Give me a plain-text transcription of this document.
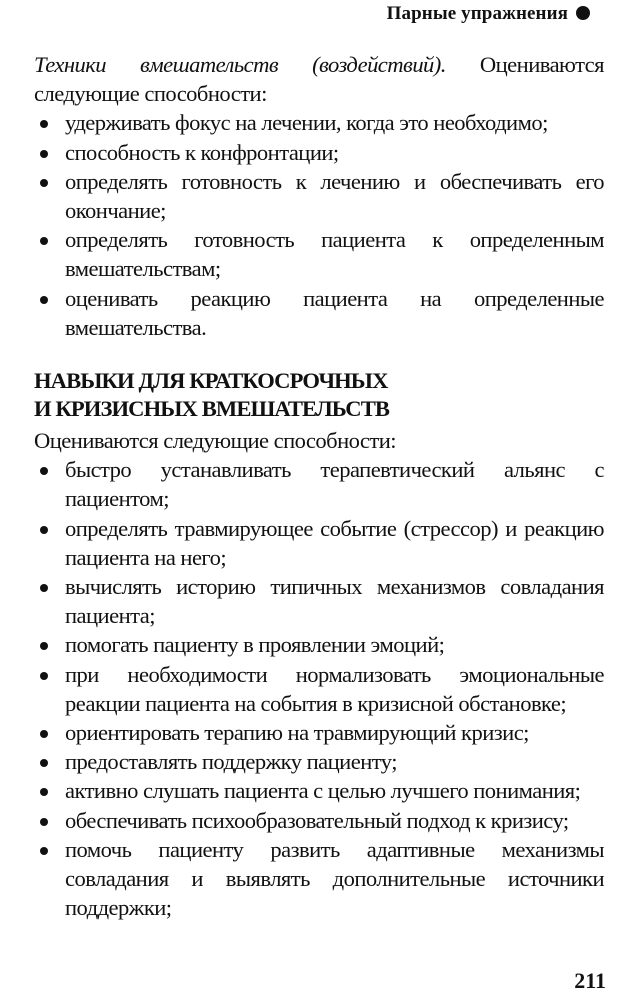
Парные упражнения

Техники вмешательств (воздействий). Оцениваются следующие способности:

удерживать фокус на лечении, когда это необходимо;
способность к конфронтации;
определять готовность к лечению и обеспечивать его окончание;
определять готовность пациента к определенным вмешательствам;
оценивать реакцию пациента на определенные вмешательства.
НАВЫКИ ДЛЯ КРАТКОСРОЧНЫХ
И КРИЗИСНЫХ ВМЕШАТЕЛЬСТВ

Оцениваются следующие способности:

быстро устанавливать терапевтический альянс с пациентом;
определять травмирующее событие (стрессор) и реакцию пациента на него;
вычислять историю типичных механизмов совладания пациента;
помогать пациенту в проявлении эмоций;
при необходимости нормализовать эмоциональные реакции пациента на события в кризисной обстановке;
ориентировать терапию на травмирующий кризис;
предоставлять поддержку пациенту;
активно слушать пациента с целью лучшего понимания;
обеспечивать психообразовательный подход к кризису;
помочь пациенту развить адаптивные механизмы совладания и выявлять дополнительные источники поддержки;
211
